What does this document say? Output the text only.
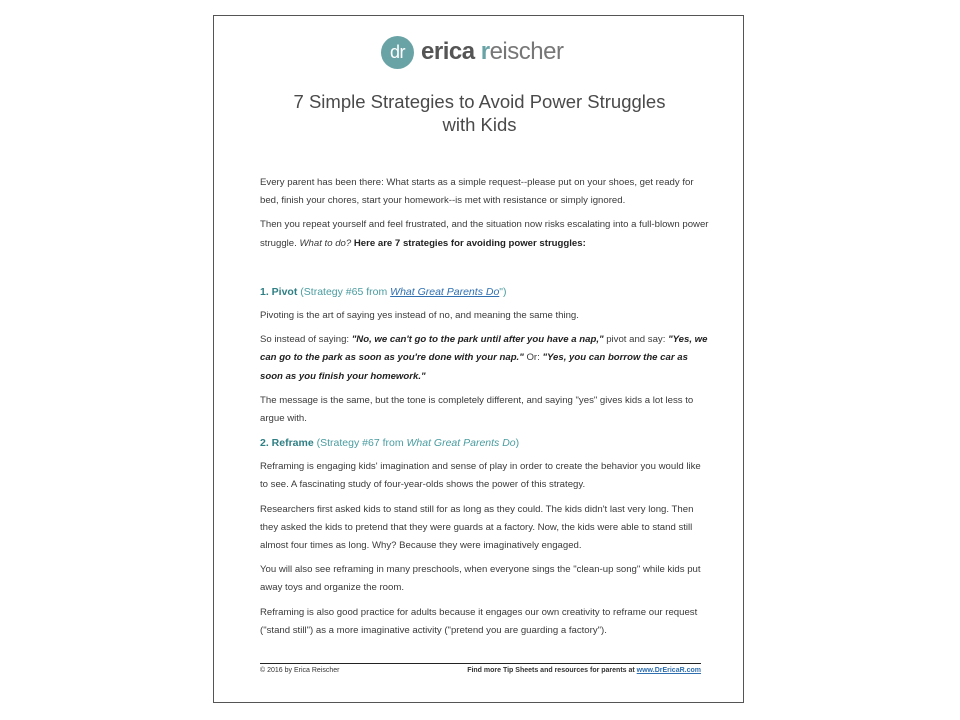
dr erica reischer
7 Simple Strategies to Avoid Power Struggles
with Kids

Every parent has been there: What starts as a simple request--please put on your shoes, get ready for bed, finish your chores, start your homework--is met with resistance or simply ignored.

Then you repeat yourself and feel frustrated, and the situation now risks escalating into a full-blown power struggle. What to do? Here are 7 strategies for avoiding power struggles:

1. Pivot (Strategy #65 from What Great Parents Do")

Pivoting is the art of saying yes instead of no, and meaning the same thing.

So instead of saying: "No, we can't go to the park until after you have a nap," pivot and say: "Yes, we can go to the park as soon as you're done with your nap." Or: "Yes, you can borrow the car as soon as you finish your homework."

The message is the same, but the tone is completely different, and saying "yes" gives kids a lot less to argue with.

2. Reframe (Strategy #67 from What Great Parents Do)

Reframing is engaging kids' imagination and sense of play in order to create the behavior you would like to see. A fascinating study of four-year-olds shows the power of this strategy.

Researchers first asked kids to stand still for as long as they could. The kids didn't last very long. Then they asked the kids to pretend that they were guards at a factory. Now, the kids were able to stand still almost four times as long. Why? Because they were imaginatively engaged.

You will also see reframing in many preschools, when everyone sings the "clean-up song" while kids put away toys and organize the room.

Reframing is also good practice for adults because it engages our own creativity to reframe our request ("stand still") as a more imaginative activity ("pretend you are guarding a factory").

© 2016 by Erica Reischer	Find more Tip Sheets and resources for parents at www.DrEricaR.com
